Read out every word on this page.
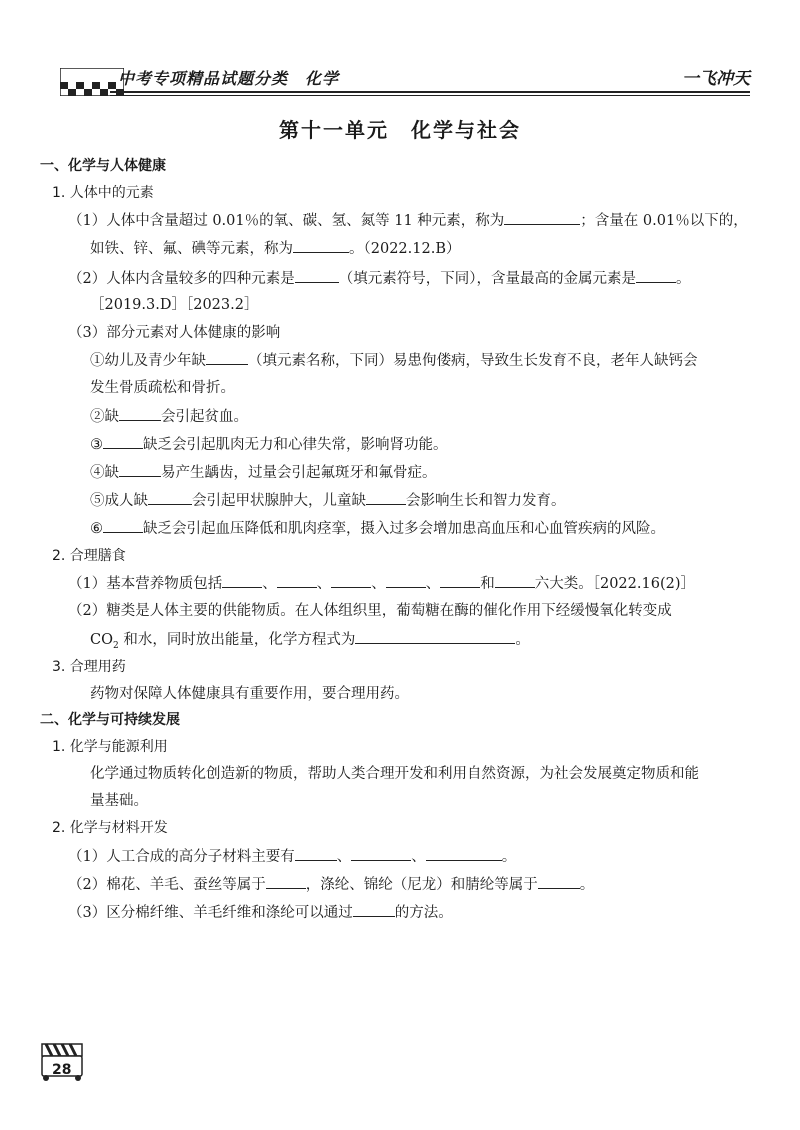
中考专项精品试题分类　化学	一飞冲天
第十一单元　化学与社会
一、化学与人体健康
1. 人体中的元素
（1）人体中含量超过 0.01％的氧、碳、氢、氮等 11 种元素，称为	；含量在 0.01％以下的，
如铁、锌、氟、碘等元素，称为	。（2022.12.B）
（2）人体内含量较多的四种元素是	（填元素符号，下同），含量最高的金属元素是	。
［2019.3.D］［2023.2］
（3）部分元素对人体健康的影响
①幼儿及青少年缺	（填元素名称，下同）易患佝偻病，导致生长发育不良，老年人缺钙会
发生骨质疏松和骨折。
②缺	会引起贫血。
③	缺乏会引起肌肉无力和心律失常，影响肾功能。
④缺	易产生龋齿，过量会引起氟斑牙和氟骨症。
⑤成人缺	会引起甲状腺肿大，儿童缺	会影响生长和智力发育。
⑥	缺乏会引起血压降低和肌肉痉挛，摄入过多会增加患高血压和心血管疾病的风险。
2. 合理膳食
（1）基本营养物质包括	、	、	、	、	和	六大类。［2022.16(2)］
（2）糖类是人体主要的供能物质。在人体组织里，葡萄糖在酶的催化作用下经缓慢氧化转变成
$CO_2$ 和水，同时放出能量，化学方程式为	。
3. 合理用药
药物对保障人体健康具有重要作用，要合理用药。
二、化学与可持续发展
1. 化学与能源利用
化学通过物质转化创造新的物质，帮助人类合理开发和利用自然资源，为社会发展奠定物质和能
量基础。
2. 化学与材料开发
（1）人工合成的高分子材料主要有	、	、	。
（2）棉花、羊毛、蚕丝等属于	，涤纶、锦纶（尼龙）和腈纶等属于	。
（3）区分棉纤维、羊毛纤维和涤纶可以通过	的方法。
28
